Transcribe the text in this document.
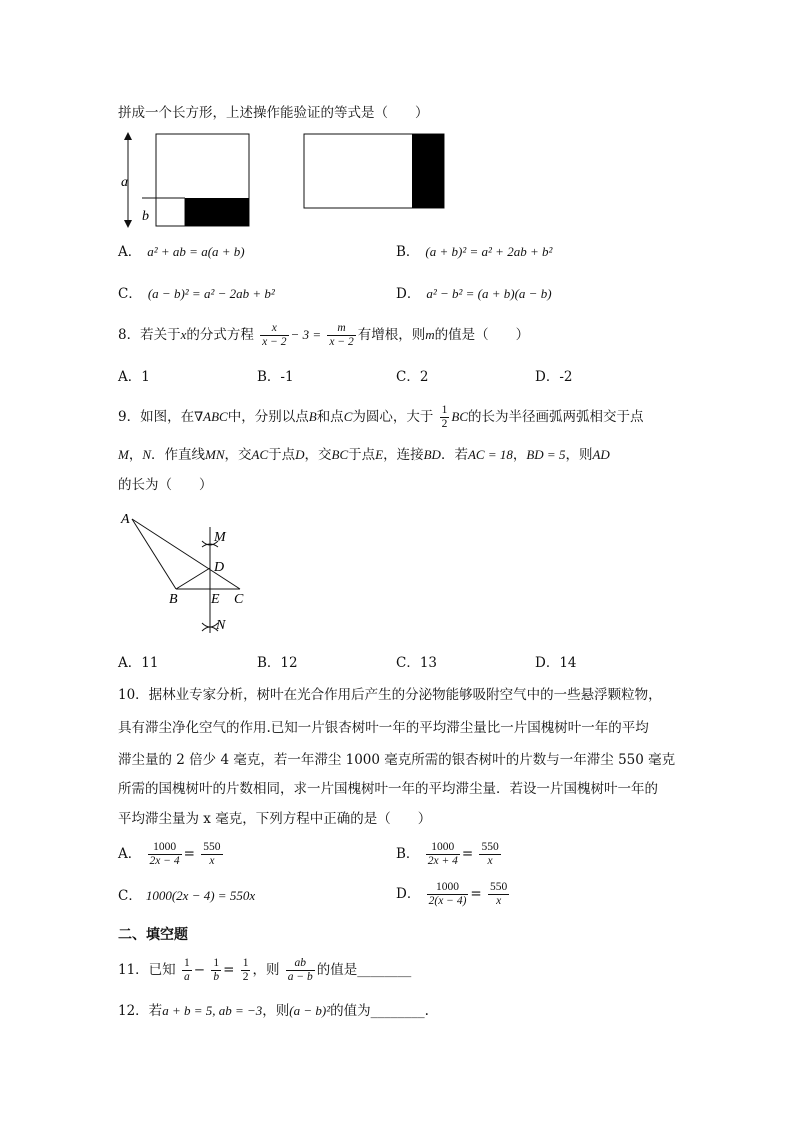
拼成一个长方形，上述操作能验证的等式是（　　）
a
b
A． a² + ab = a(a + b)	B． (a + b)² = a² + 2ab + b²
C． (a − b)² = a² − 2ab + b²	D． a² − b² = (a + b)(a − b)
8．若关于x的分式方程 $\frac{x}{x - 2} - 3 = \frac{m}{x - 2}$ 有增根，则m的值是（　　）
A．1	B．-1	C．2	D．-2
9．如图，在∇ABC中，分别以点B和点C为圆心，大于 $\frac{1}{2}$ BC的长为半径画弧两弧相交于点
M，N．作直线MN，交AC于点D，交BC于点E，连接BD．若AC = 18，BD = 5，则AD
的长为（　　）
A
M
D
B E C
N
A．11	B．12	C．13	D．14
10．据林业专家分析，树叶在光合作用后产生的分泌物能够吸附空气中的一些悬浮颗粒物，
具有滞尘净化空气的作用.已知一片银杏树叶一年的平均滞尘量比一片国槐树叶一年的平均
滞尘量的 2 倍少 4 毫克，若一年滞尘 1000 毫克所需的银杏树叶的片数与一年滞尘 550 毫克
所需的国槐树叶的片数相同，求一片国槐树叶一年的平均滞尘量．若设一片国槐树叶一年的
平均滞尘量为 x 毫克，下列方程中正确的是（　　）
A． $\frac{1000}{2x - 4} = \frac{550}{x}$	B． $\frac{1000}{2x + 4} = \frac{550}{x}$
C． 1000(2x − 4) = 550x	D． $\frac{1000}{2(x - 4)} = \frac{550}{x}$
二、填空题
11．已知 $\frac{1}{a} - \frac{1}{b} = \frac{1}{2}$ ，则 $\frac{ab}{a - b}$ 的值是________
12．若a + b = 5, ab = −3，则(a − b)²的值为________.
